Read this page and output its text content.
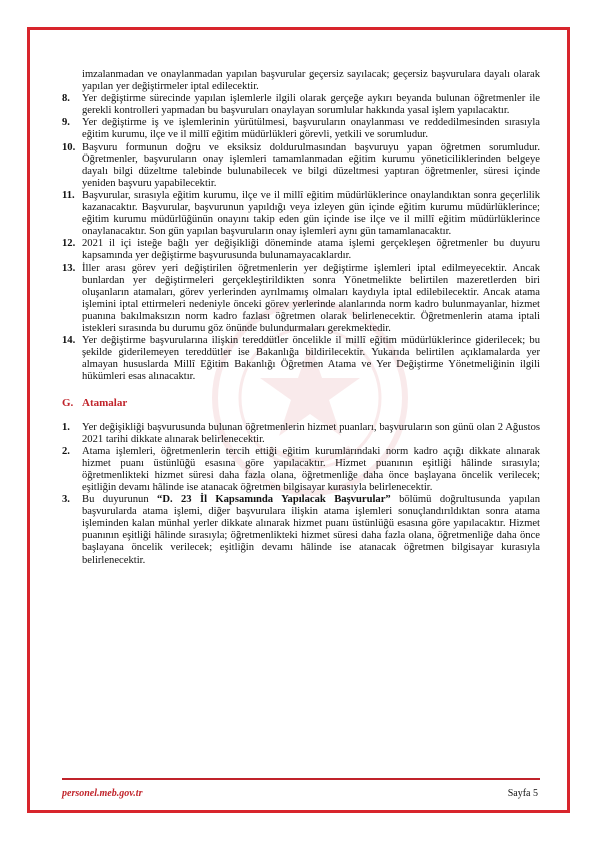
imzalanmadan ve onaylanmadan yapılan başvurular geçersiz sayılacak; geçersiz başvurulara dayalı olarak yapılan yer değiştirmeler iptal edilecektir.

8. Yer değiştirme sürecinde yapılan işlemlerle ilgili olarak gerçeğe aykırı beyanda bulunan öğretmenler ile gerekli kontrolleri yapmadan bu başvuruları onaylayan sorumlular hakkında yasal işlem yapılacaktır.
9. Yer değiştirme iş ve işlemlerinin yürütülmesi, başvuruların onaylanması ve reddedilmesinden sırasıyla eğitim kurumu, ilçe ve il millî eğitim müdürlükleri görevli, yetkili ve sorumludur.
10. Başvuru formunun doğru ve eksiksiz doldurulmasından başvuruyu yapan öğretmen sorumludur. Öğretmenler, başvuruların onay işlemleri tamamlanmadan eğitim kurumu yöneticiliklerinden belgeye dayalı bilgi düzeltme talebinde bulunabilecek ve bilgi düzeltmesi yaptıran öğretmenler, süresi içinde yeniden başvuru yapabilecektir.
11. Başvurular, sırasıyla eğitim kurumu, ilçe ve il millî eğitim müdürlüklerince onaylandıktan sonra geçerlilik kazanacaktır. Başvurular, başvurunun yapıldığı veya izleyen gün içinde eğitim kurumu müdürlüklerince; eğitim kurumu müdürlüğünün onayını takip eden gün içinde ise ilçe ve il millî eğitim müdürlüklerince onaylanacaktır. Son gün yapılan başvuruların onay işlemleri aynı gün tamamlanacaktır.
12. 2021 il içi isteğe bağlı yer değişikliği döneminde atama işlemi gerçekleşen öğretmenler bu duyuru kapsamında yer değiştirme başvurusunda bulunamayacaklardır.
13. İller arası görev yeri değiştirilen öğretmenlerin yer değiştirme işlemleri iptal edilmeyecektir. Ancak bunlardan yer değiştirmeleri gerçekleştirildikten sonra Yönetmelikte belirtilen mazeretlerden biri oluşanların atamaları, görev yerlerinden ayrılmamış olmaları kaydıyla iptal edilebilecektir. Ancak atama işlemini iptal ettirmeleri nedeniyle önceki görev yerlerinde alanlarında norm kadro bulunmayanlar, hizmet puanına bakılmaksızın norm kadro fazlası öğretmen olarak belirlenecektir. Öğretmenlerin atama iptali istekleri sırasında bu durumu göz önünde bulundurmaları gerekmektedir.
14. Yer değiştirme başvurularına ilişkin tereddütler öncelikle il millî eğitim müdürlüklerince giderilecek; bu şekilde giderilemeyen tereddütler ise Bakanlığa bildirilecektir. Yukarıda belirtilen açıklamalarda yer almayan hususlarda Millî Eğitim Bakanlığı Öğretmen Atama ve Yer Değiştirme Yönetmeliğinin ilgili hükümleri esas alınacaktır.
G. Atamalar
1. Yer değişikliği başvurusunda bulunan öğretmenlerin hizmet puanları, başvuruların son günü olan 2 Ağustos 2021 tarihi dikkate alınarak belirlenecektir.
2. Atama işlemleri, öğretmenlerin tercih ettiği eğitim kurumlarındaki norm kadro açığı dikkate alınarak hizmet puanı üstünlüğü esasına göre yapılacaktır. Hizmet puanının eşitliği hâlinde sırasıyla; öğretmenlikteki hizmet süresi daha fazla olana, öğretmenliğe daha önce başlayana öncelik verilecek; eşitliğin devamı hâlinde ise atanacak öğretmen bilgisayar kurasıyla belirlenecektir.
3. Bu duyurunun “D. 23 İl Kapsamında Yapılacak Başvurular” bölümü doğrultusunda yapılan başvurularda atama işlemi, diğer başvurulara ilişkin atama işlemleri sonuçlandırıldıktan sonra atama işleminden kalan münhal yerler dikkate alınarak hizmet puanı üstünlüğü esasına göre yapılacaktır. Hizmet puanının eşitliği hâlinde sırasıyla; öğretmenlikteki hizmet süresi daha fazla olana, öğretmenliğe daha önce başlayana öncelik verilecek; eşitliğin devamı hâlinde ise atanacak öğretmen bilgisayar kurasıyla belirlenecektir.
personel.meb.gov.tr	Sayfa 5
